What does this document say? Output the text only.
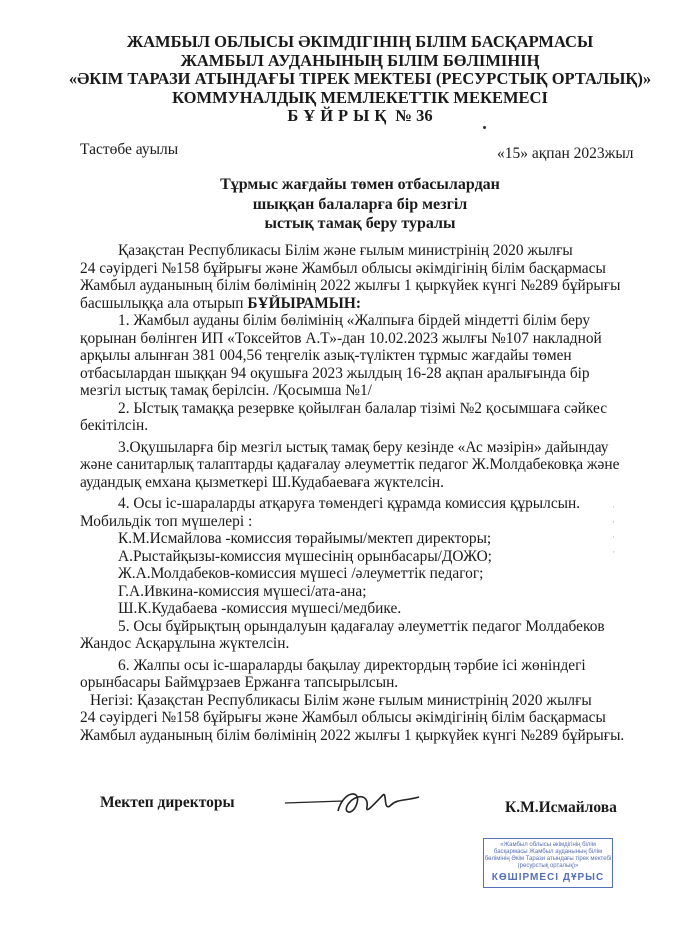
ЖАМБЫЛ ОБЛЫСЫ ӘКІМДІГІНІҢ БІЛІМ БАСҚАРМАСЫ
ЖАМБЫЛ АУДАНЫНЫҢ БІЛІМ БӨЛІМІНІҢ
«ӘКІМ ТАРАЗИ АТЫНДАҒЫ ТІРЕК МЕКТЕБІ (РЕСУРСТЫҚ ОРТАЛЫҚ)»
КОММУНАЛДЫҚ МЕМЛЕКЕТТІК МЕКЕМЕСІ
БҰЙРЫҚ № 36
Тастөбе ауылы	«15» ақпан 2023жыл
Тұрмыс жағдайы төмен отбасылардан
шыққан балаларға бір мезгіл
ыстық тамақ беру туралы

Қазақстан Республикасы Білім және ғылым министрінің 2020 жылғы

24 сәуірдегі №158 бұйрығы және Жамбыл облысы әкімдігінің білім басқармасы

Жамбыл ауданының білім бөлімінің 2022 жылғы 1 қыркүйек күнгі №289 бұйрығы

басшылыққа ала отырып БҰЙЫРАМЫН:

1. Жамбыл ауданы білім бөлімінің «Жалпыға бірдей міндетті білім беру

қорынан бөлінген ИП «Токсейтов А.Т»-дан 10.02.2023 жылғы №107 накладной

арқылы алынған 381 004,56 теңгелік азық-түліктен тұрмыс жағдайы төмен

отбасылардан шыққан 94 оқушыға 2023 жылдың 16-28 ақпан аралығында бір

мезгіл ыстық тамақ берілсін. /Қосымша №1/

2. Ыстық тамаққа резервке қойылған балалар тізімі №2 қосымшаға сәйкес

бекітілсін.

3.Оқушыларға бір мезгіл ыстық тамақ беру кезінде «Ас мәзірін» дайындау

және санитарлық талаптарды қадағалау әлеуметтік педагог Ж.Молдабековқа және

аудандық емхана қызметкері Ш.Кудабаеваға жүктелсін.

4. Осы іс-шараларды атқаруға төмендегі құрамда комиссия құрылсын.

Мобильдік топ мүшелері :

К.М.Исмайлова -комиссия төрайымы/мектеп директоры;

А.Рыстайқызы-комиссия мүшесінің орынбасары/ДОЖО;

Ж.А.Молдабеков-комиссия мүшесі /әлеуметтік педагог;

Г.А.Ивкина-комиссия мүшесі/ата-ана;

Ш.К.Кудабаева -комиссия мүшесі/медбике.

5. Осы бұйрықтың орындалуын қадағалау әлеуметтік педагог Молдабеков

Жандос Асқарұлына жүктелсін.

6. Жалпы осы іс-шараларды бақылау директордың тәрбие ісі жөніндегі

орынбасары Баймұрзаев Ержанға тапсырылсын.

Негізі: Қазақстан Республикасы Білім және ғылым министрінің 2020 жылғы

24 сәуірдегі №158 бұйрығы және Жамбыл облысы әкімдігінің білім басқармасы

Жамбыл ауданының білім бөлімінің 2022 жылғы 1 қыркүйек күнгі №289 бұйрығы.

Мектеп директоры	К.М.Исмайлова
«Жамбыл облысы әкімдігінің білім басқармасы Жамбыл ауданының білім бөлімінің Әкім Тарази атындағы тірек мектебі (ресурстық орталық)»
КӨШІРМЕСІ ДҰРЫС
·
·
·
·
